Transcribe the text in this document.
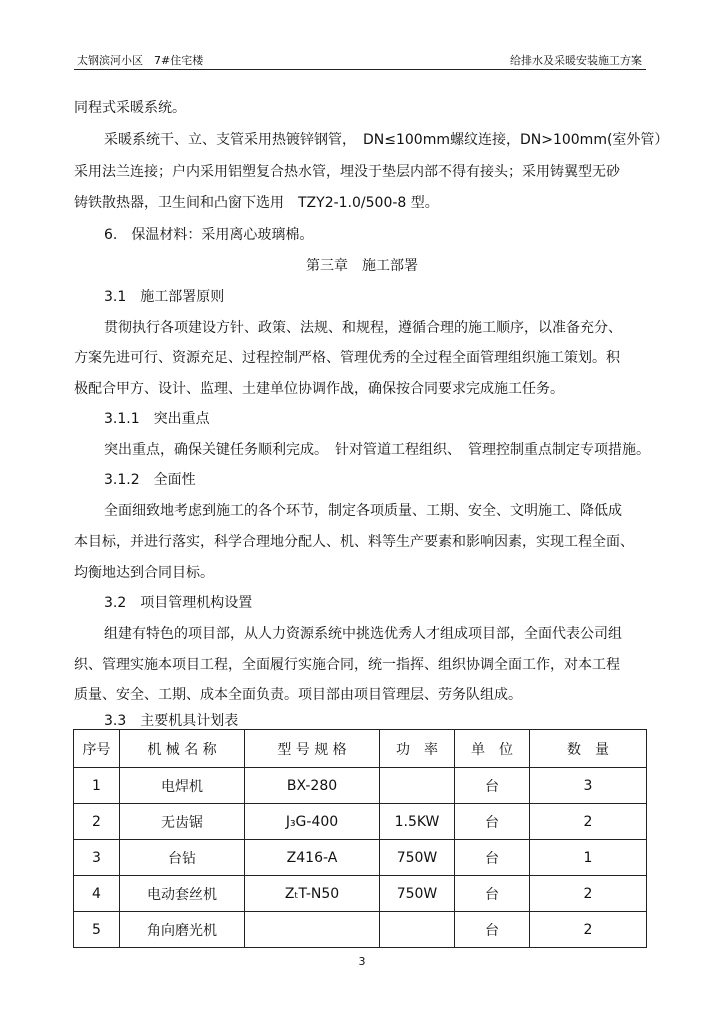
太钢滨河小区　7#住宅楼	给排水及采暖安装施工方案
同程式采暖系统。
采暖系统干、立、支管采用热镀锌钢管，　DN≤100mm螺纹连接，DN>100mm(室外管）
采用法兰连接；户内采用铝塑复合热水管，埋没于垫层内部不得有接头；采用铸翼型无砂
铸铁散热器，卫生间和凸窗下选用　TZY2-1.0/500-8 型。
6.　保温材料：采用离心玻璃棉。
第三章　施工部署
3.1　施工部署原则
贯彻执行各项建设方针、政策、法规、和规程，遵循合理的施工顺序，以准备充分、
方案先进可行、资源充足、过程控制严格、管理优秀的全过程全面管理组织施工策划。积
极配合甲方、设计、监理、土建单位协调作战，确保按合同要求完成施工任务。
3.1.1　突出重点
突出重点，确保关键任务顺利完成。　针对管道工程组织、　管理控制重点制定专项措施。
3.1.2　全面性
全面细致地考虑到施工的各个环节，制定各项质量、工期、安全、文明施工、降低成
本目标，并进行落实，科学合理地分配人、机、料等生产要素和影响因素，实现工程全面、
均衡地达到合同目标。
3.2　项目管理机构设置
组建有特色的项目部，从人力资源系统中挑选优秀人才组成项目部，全面代表公司组
织、管理实施本项目工程，全面履行实施合同，统一指挥、组织协调全面工作，对本工程
质量、安全、工期、成本全面负责。项目部由项目管理层、劳务队组成。
3.3　主要机具计划表
序号	机 械 名 称	型 号 规 格	功　率	单　位	数　量
1	电焊机	BX-280		台	3
2	无齿锯	J₃G-400	1.5KW	台	2
3	台钻	Z416-A	750W	台	1
4	电动套丝机	ZₜT-N50	750W	台	2
5	角向磨光机			台	2
3
